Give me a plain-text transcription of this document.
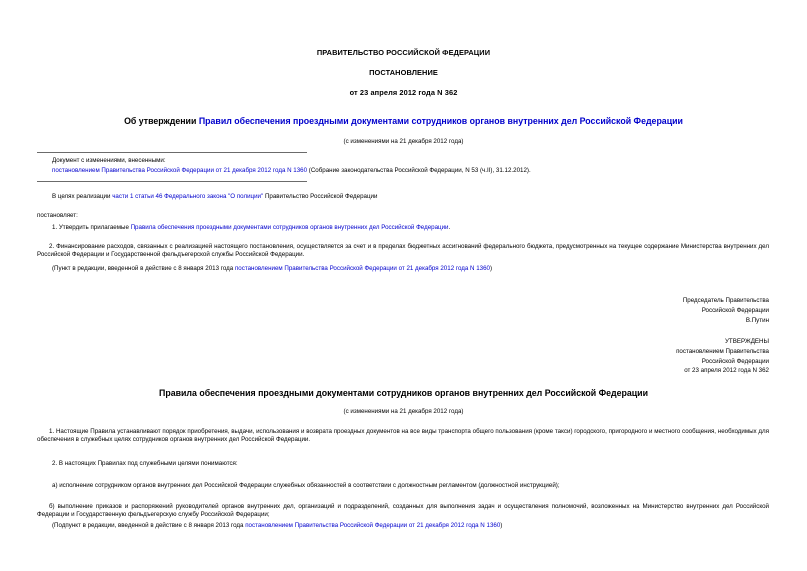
ПРАВИТЕЛЬСТВО РОССИЙСКОЙ ФЕДЕРАЦИИ
ПОСТАНОВЛЕНИЕ
от 23 апреля 2012 года N 362
Об утверждении Правил обеспечения проездными документами сотрудников органов внутренних дел Российской Федерации
(с изменениями на 21 декабря 2012 года)
Документ с изменениями, внесенными:
постановлением Правительства Российской Федерации от 21 декабря 2012 года N 1360 (Собрание законодательства Российской Федерации, N 53 (ч.II), 31.12.2012).
В целях реализации части 1 статьи 46 Федерального закона "О полиции" Правительство Российской Федерации
постановляет:
1. Утвердить прилагаемые Правила обеспечения проездными документами сотрудников органов внутренних дел Российской Федерации.
2. Финансирование расходов, связанных с реализацией настоящего постановления, осуществляется за счет и в пределах бюджетных ассигнований федерального бюджета, предусмотренных на текущее содержание Министерства внутренних дел Российской Федерации и Государственной фельдъегерской службы Российской Федерации.
(Пункт в редакции, введенной в действие с 8 января 2013 года постановлением Правительства Российской Федерации от 21 декабря 2012 года N 1360)
Председатель Правительства
Российской Федерации
В.Путин
УТВЕРЖДЕНЫ
постановлением Правительства
Российской Федерации
от 23 апреля 2012 года N 362
Правила обеспечения проездными документами сотрудников органов внутренних дел Российской Федерации
(с изменениями на 21 декабря 2012 года)
1. Настоящие Правила устанавливают порядок приобретения, выдачи, использования и возврата проездных документов на все виды транспорта общего пользования (кроме такси) городского, пригородного и местного сообщения, необходимых для обеспечения в служебных целях сотрудников органов внутренних дел Российской Федерации.
2. В настоящих Правилах под служебными целями понимаются:
а) исполнение сотрудником органов внутренних дел Российской Федерации служебных обязанностей в соответствии с должностным регламентом (должностной инструкцией);
б) выполнение приказов и распоряжений руководителей органов внутренних дел, организаций и подразделений, созданных для выполнения задач и осуществления полномочий, возложенных на Министерство внутренних дел Российской Федерации и Государственную фельдъегерскую службу Российской Федерации;
(Подпункт в редакции, введенной в действие с 8 января 2013 года постановлением Правительства Российской Федерации от 21 декабря 2012 года N 1360)
